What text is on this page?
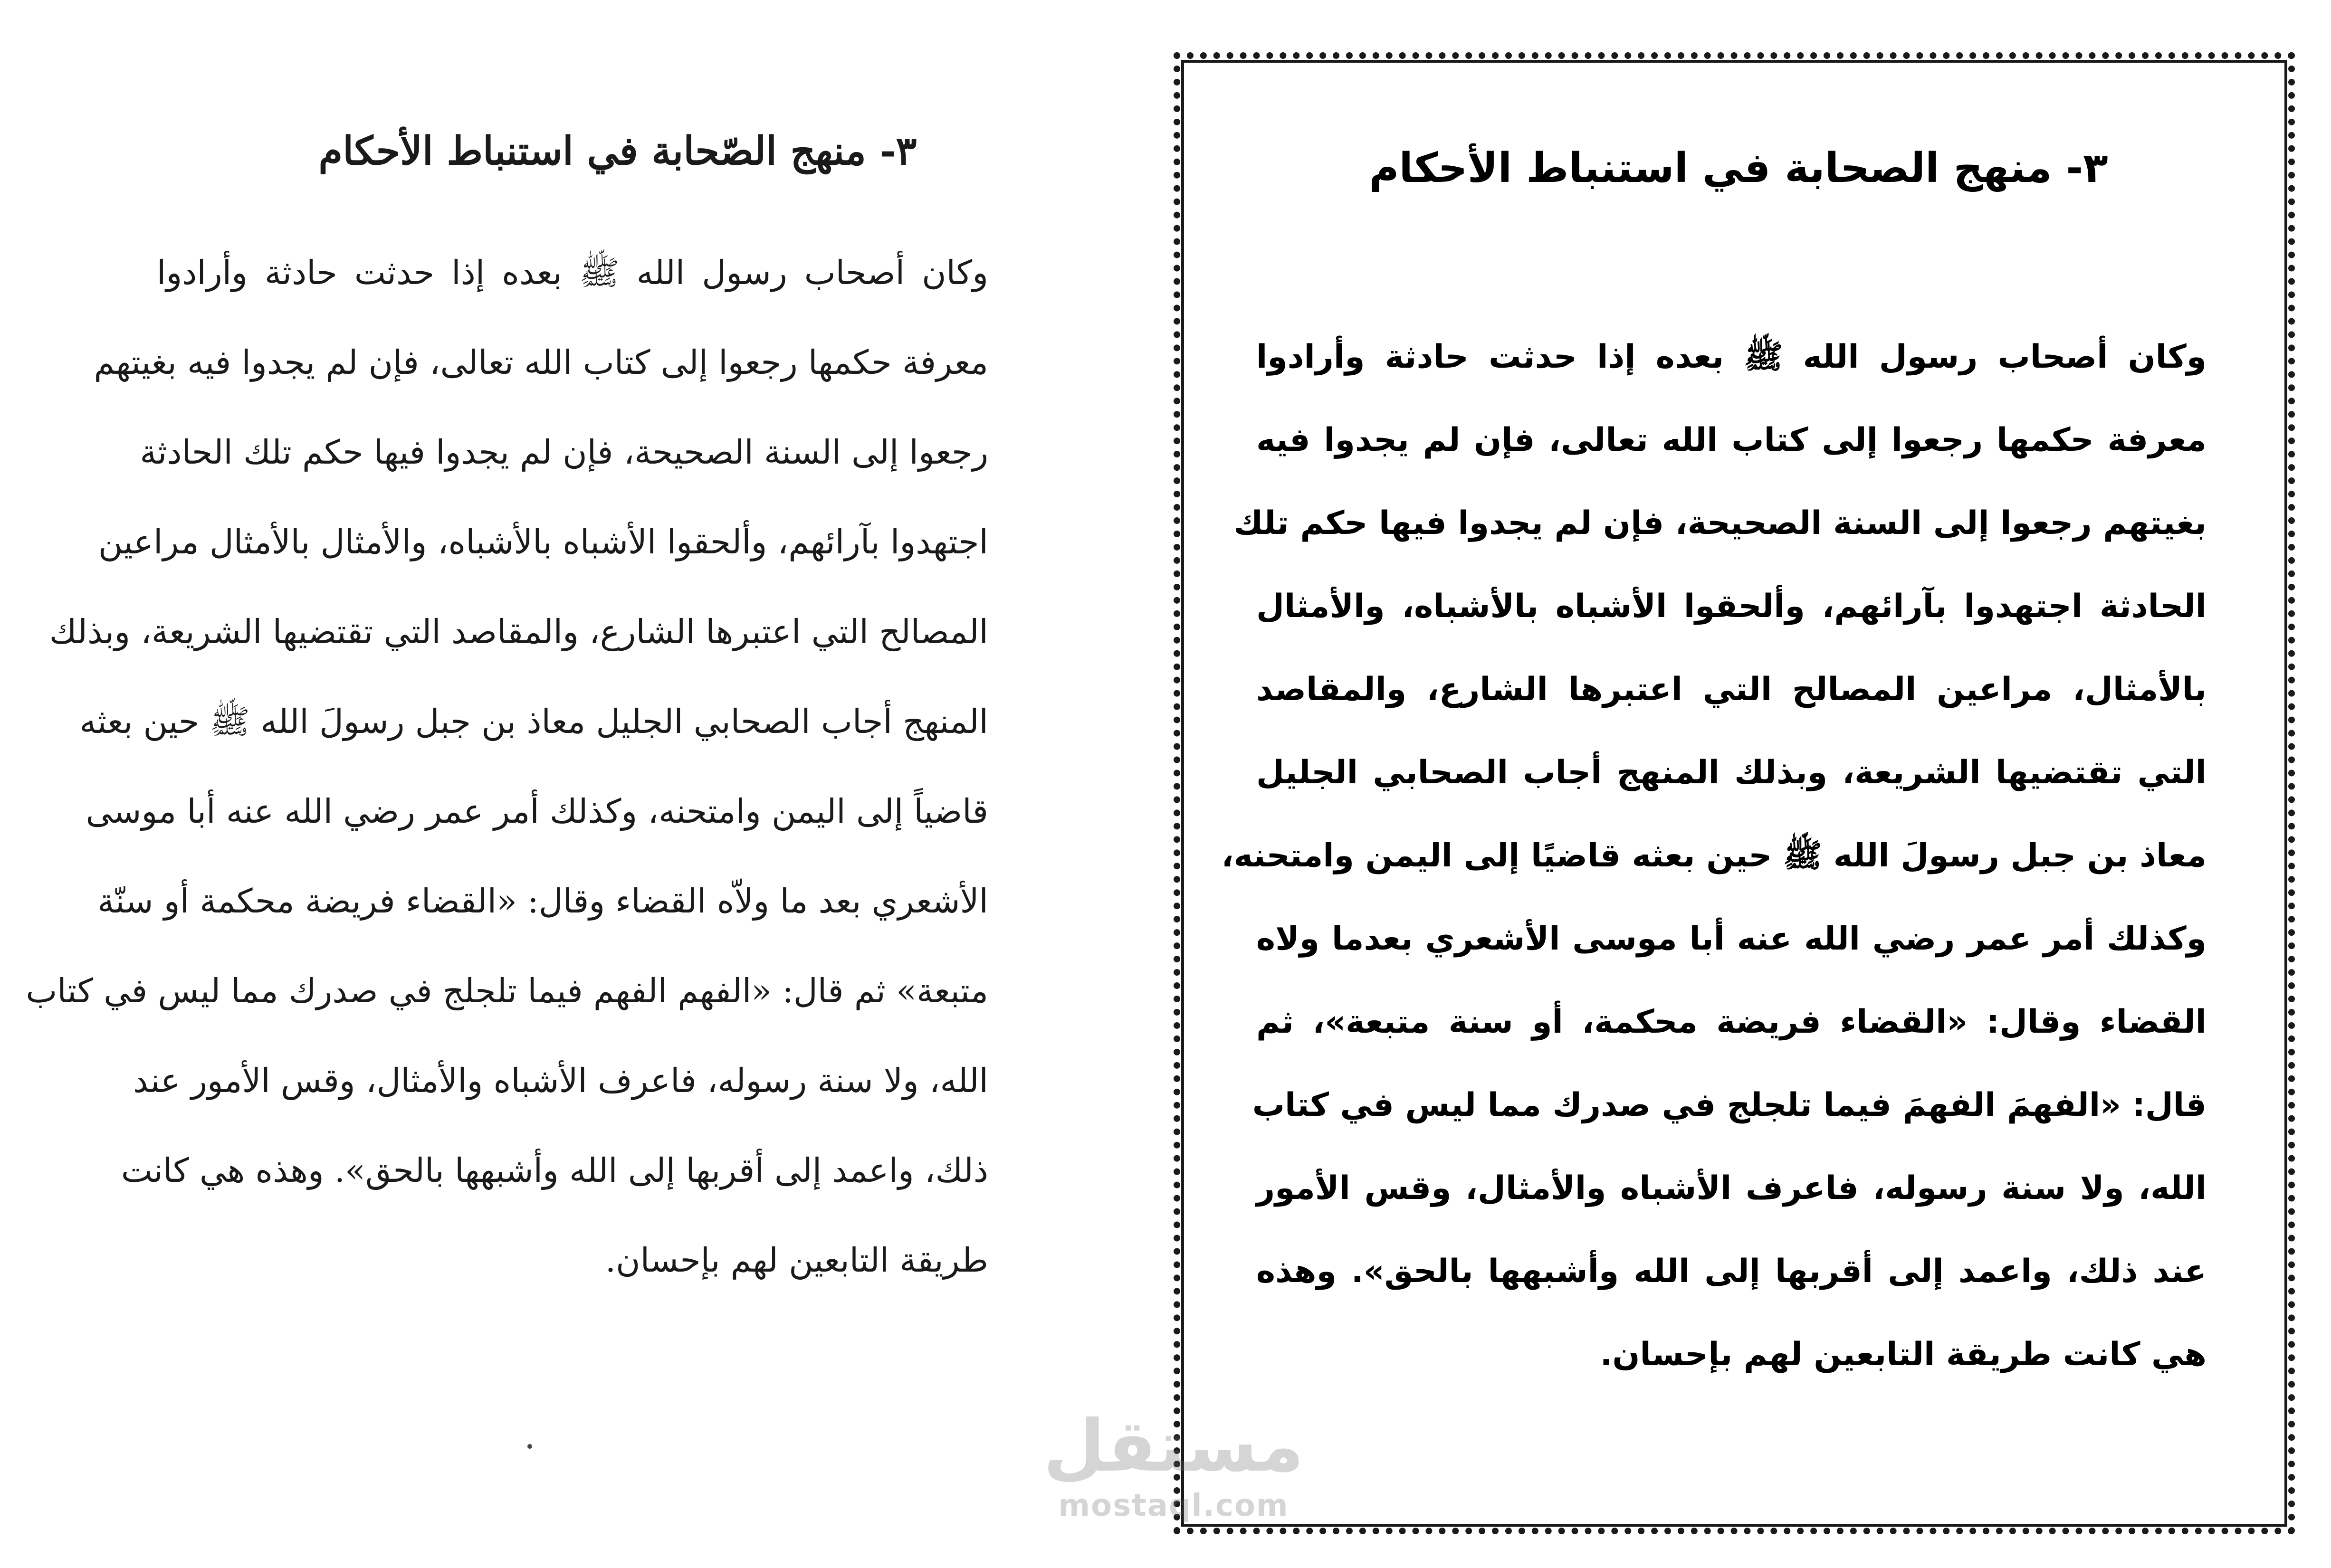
٣- منهج الصّحابة في استنباط الأحكام
وكان أصحاب رسول الله ﷺ بعده إذا حدثت حادثة وأرادوا
معرفة حكمها رجعوا إلى كتاب الله تعالى، فإن لم يجدوا فيه بغيتهم
رجعوا إلى السنة الصحيحة، فإن لم يجدوا فيها حكم تلك الحادثة
اجتهدوا بآرائهم، وألحقوا الأشباه بالأشباه، والأمثال بالأمثال مراعين
المصالح التي اعتبرها الشارع، والمقاصد التي تقتضيها الشريعة، وبذلك
المنهج أجاب الصحابي الجليل معاذ بن جبل رسولَ الله ﷺ حين بعثه
قاضياً إلى اليمن وامتحنه، وكذلك أمر عمر رضي الله عنه أبا موسى
الأشعري بعد ما ولاّه القضاء وقال: «القضاء فريضة محكمة أو سنّة
متبعة» ثم قال: «الفهم الفهم فيما تلجلج في صدرك مما ليس في كتاب
الله، ولا سنة رسوله، فاعرف الأشباه والأمثال، وقس الأمور عند
ذلك، واعمد إلى أقربها إلى الله وأشبهها بالحق». وهذه هي كانت
طريقة التابعين لهم بإحسان.
٣- منهج الصحابة في استنباط الأحكام
وكان أصحاب رسول الله ﷺ بعده إذا حدثت حادثة وأرادوا
معرفة حكمها رجعوا إلى كتاب الله تعالى، فإن لم يجدوا فيه
بغيتهم رجعوا إلى السنة الصحيحة، فإن لم يجدوا فيها حكم تلك
الحادثة اجتهدوا بآرائهم، وألحقوا الأشباه بالأشباه، والأمثال
بالأمثال، مراعين المصالح التي اعتبرها الشارع، والمقاصد
التي تقتضيها الشريعة، وبذلك المنهج أجاب الصحابي الجليل
معاذ بن جبل رسولَ الله ﷺ حين بعثه قاضيًا إلى اليمن وامتحنه،
وكذلك أمر عمر رضي الله عنه أبا موسى الأشعري بعدما ولاه
القضاء وقال: «القضاء فريضة محكمة، أو سنة متبعة»، ثم
قال: «الفهمَ الفهمَ فيما تلجلج في صدرك مما ليس في كتاب
الله، ولا سنة رسوله، فاعرف الأشباه والأمثال، وقس الأمور
عند ذلك، واعمد إلى أقربها إلى الله وأشبهها بالحق». وهذه
هي كانت طريقة التابعين لهم بإحسان.
مستقل
mostaql.com
